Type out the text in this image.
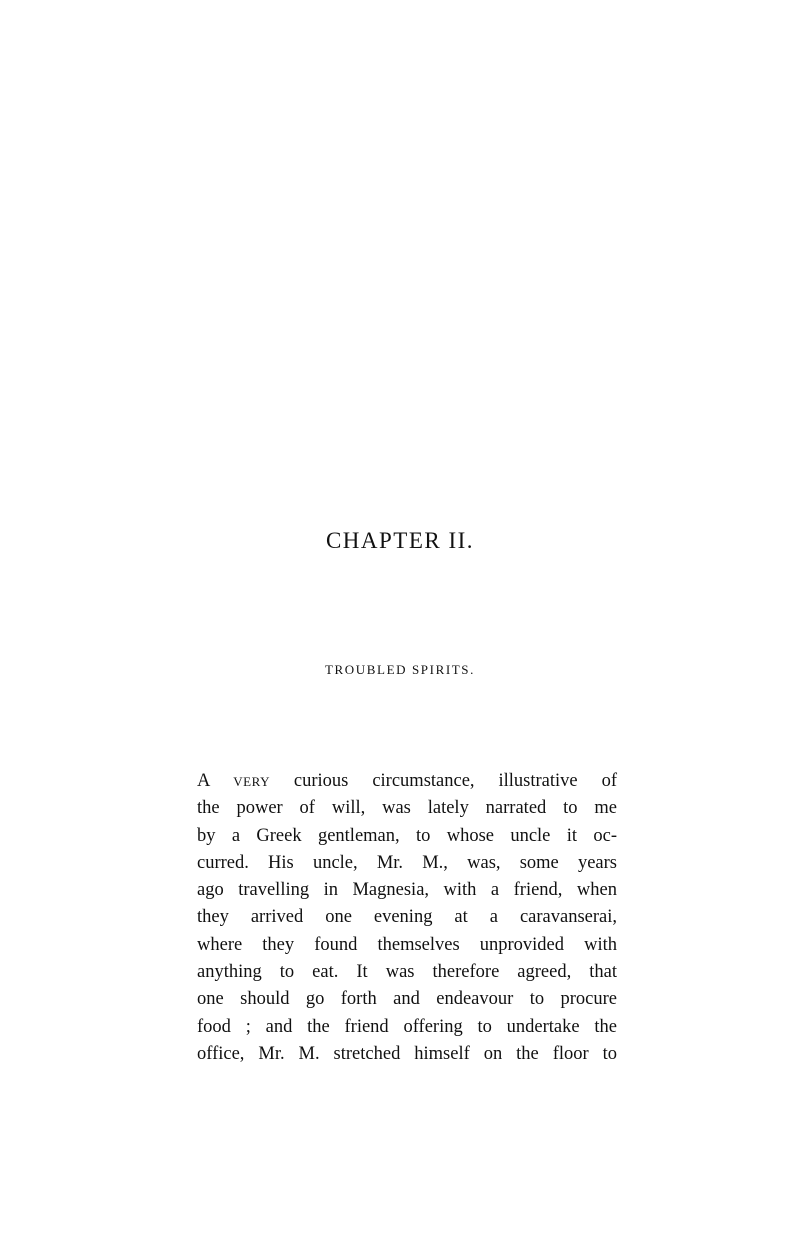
CHAPTER II.
TROUBLED SPIRITS.
A very curious circumstance, illustrative of
the power of will, was lately narrated to me
by a Greek gentleman, to whose uncle it oc-
curred. His uncle, Mr. M., was, some years
ago travelling in Magnesia, with a friend, when
they arrived one evening at a caravanserai,
where they found themselves unprovided with
anything to eat. It was therefore agreed, that
one should go forth and endeavour to procure
food ; and the friend offering to undertake the
office, Mr. M. stretched himself on the floor to
